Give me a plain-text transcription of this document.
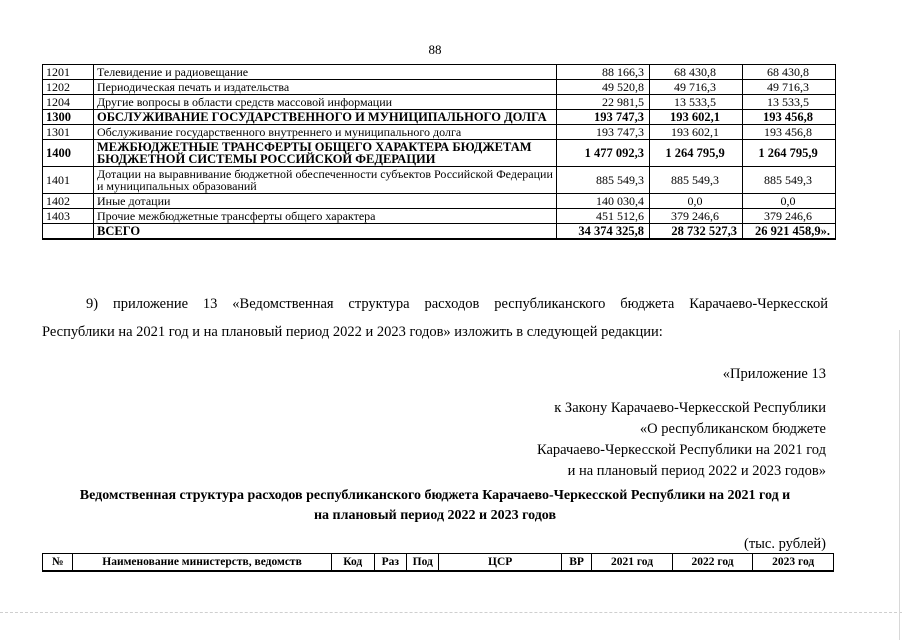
88
1201	Телевидение и радиовещание	88 166,3	68 430,8	68 430,8
1202	Периодическая печать и издательства	49 520,8	49 716,3	49 716,3
1204	Другие вопросы в области средств массовой информации	22 981,5	13 533,5	13 533,5
1300	ОБСЛУЖИВАНИЕ ГОСУДАРСТВЕННОГО И МУНИЦИПАЛЬНОГО ДОЛГА	193 747,3	193 602,1	193 456,8
1301	Обслуживание государственного внутреннего и муниципального долга	193 747,3	193 602,1	193 456,8
1400	МЕЖБЮДЖЕТНЫЕ ТРАНСФЕРТЫ ОБЩЕГО ХАРАКТЕРА БЮДЖЕТАМ БЮДЖЕТНОЙ СИСТЕМЫ РОССИЙСКОЙ ФЕДЕРАЦИИ	1 477 092,3	1 264 795,9	1 264 795,9
1401	Дотации на выравнивание бюджетной обеспеченности субъектов Российской Федерации и муниципальных образований	885 549,3	885 549,3	885 549,3
1402	Иные дотации	140 030,4	0,0	0,0
1403	Прочие межбюджетные трансферты общего характера	451 512,6	379 246,6	379 246,6
	ВСЕГО	34 374 325,8	28 732 527,3	26 921 458,9».
9) приложение 13 «Ведомственная структура расходов республиканского бюджета Карачаево-Черкесской
Республики на 2021 год и на плановый период 2022 и 2023 годов» изложить в следующей редакции:
«Приложение 13
к Закону Карачаево-Черкесской Республики
«О республиканском бюджете
Карачаево-Черкесской Республики на 2021 год
и на плановый период 2022 и 2023 годов»
Ведомственная структура расходов республиканского бюджета Карачаево-Черкесской Республики на 2021 год и
на плановый период 2022 и 2023 годов
(тыс. рублей)
№	Наименование министерств, ведомств	Код	Раз	Под	ЦСР	ВР	2021 год	2022 год	2023 год
